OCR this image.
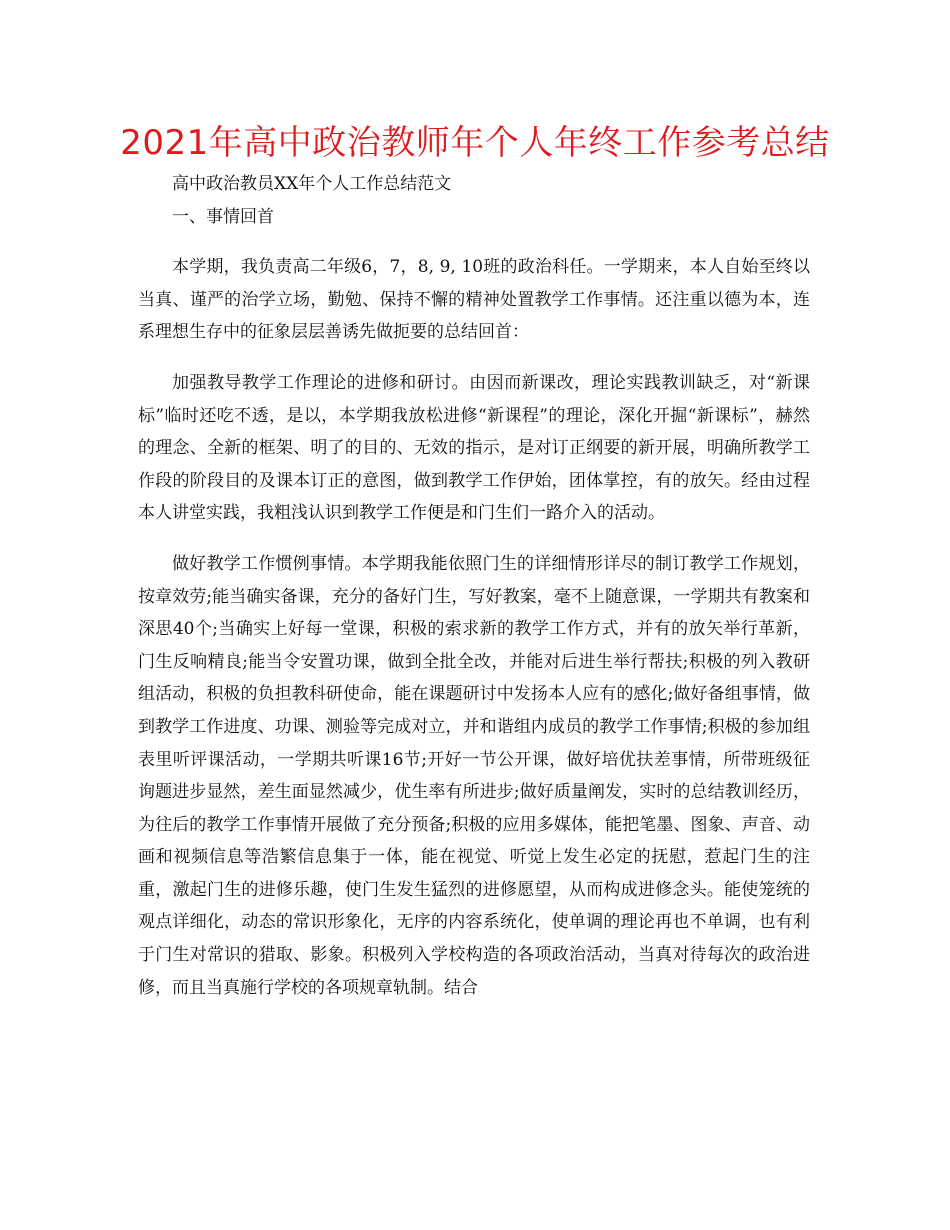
2021年高中政治教师年个人年终工作参考总结

高中政治教员XX年个人工作总结范文

一、事情回首

本学期，我负责高二年级6，7，8, 9, 10班的政治科任。一学期来，本人自始至终以当真、谨严的治学立场，勤勉、保持不懈的精神处置教学工作事情。还注重以德为本，连系理想生存中的征象层层善诱先做扼要的总结回首：

加强教导教学工作理论的进修和研讨。由因而新课改，理论实践教训缺乏，对“新课标”临时还吃不透，是以，本学期我放松进修“新课程”的理论，深化开掘“新课标”，赫然的理念、全新的框架、明了的目的、无效的指示，是对订正纲要的新开展，明确所教学工作段的阶段目的及课本订正的意图，做到教学工作伊始，团体掌控，有的放矢。经由过程本人讲堂实践，我粗浅认识到教学工作便是和门生们一路介入的活动。

做好教学工作惯例事情。本学期我能依照门生的详细情形详尽的制订教学工作规划，按章效劳;能当确实备课，充分的备好门生，写好教案，毫不上随意课，一学期共有教案和深思40个;当确实上好每一堂课，积极的索求新的教学工作方式，并有的放矢举行革新，门生反响精良;能当令安置功课，做到全批全改，并能对后进生举行帮扶;积极的列入教研组活动，积极的负担教科研使命，能在课题研讨中发扬本人应有的感化;做好备组事情，做到教学工作进度、功课、测验等完成对立，并和谐组内成员的教学工作事情;积极的参加组表里听评课活动，一学期共听课16节;开好一节公开课，做好培优扶差事情，所带班级征询题进步显然，差生面显然减少，优生率有所进步;做好质量阐发，实时的总结教训经历，为往后的教学工作事情开展做了充分预备;积极的应用多媒体，能把笔墨、图象、声音、动画和视频信息等浩繁信息集于一体，能在视觉、听觉上发生必定的抚慰，惹起门生的注重，激起门生的进修乐趣，使门生发生猛烈的进修愿望，从而构成进修念头。能使笼统的观点详细化，动态的常识形象化，无序的内容系统化，使单调的理论再也不单调，也有利于门生对常识的猎取、影象。积极列入学校构造的各项政治活动，当真对待每次的政治进修，而且当真施行学校的各项规章轨制。结合
